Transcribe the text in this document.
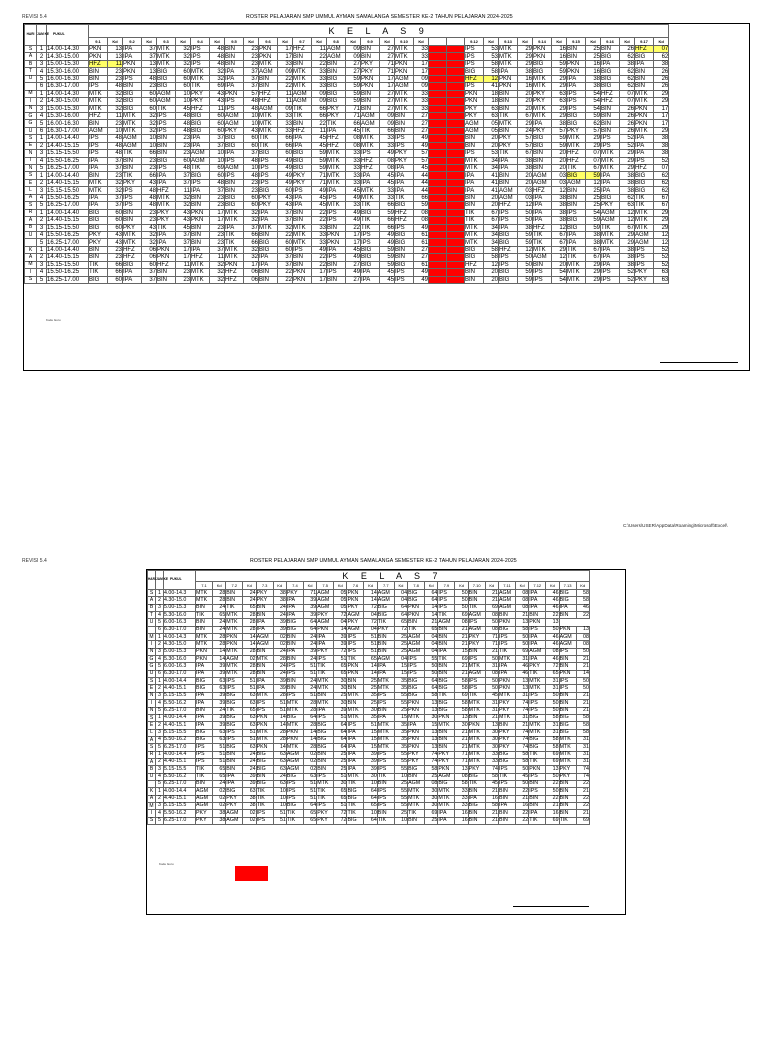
REVISI 5.4	ROSTER PELAJARAN SMP UMMUL AYMAN SAMALANGA SEMESTER KE-2 TAHUN PELAJARAN 2024-2025
HARI	JAM KE	PUKUL	K E L A S 9																																	
			9.1	Kd	9.2	Kd	9.3	Kd	9.4	Kd	9.5	Kd	9.6	Kd	9.7	Kd	9.8	Kd	9.9	Kd	9.10	Kd			9.12	Kd	9.13	Kd	9.14	Kd	9.15	Kd	9.16	Kd	9.17	Kd
S	1	14.00-14.30	PKN	13	IPA	37	MTK	32	IPS	48	BIN	23	PKN	17	HFZ	11	AGM	09	BIN	27	MTK	33			IPS	53	MTK	29	PKN	16	BIN	25	BIN	26	HFZ	07
A	2	14.30-15.00	PKN	13	IPA	37	MTK	32	IPS	48	BIN	23	PKN	17	BIN	22	AGM	09	BIN	27	MTK	33			IPS	53	MTK	29	PKN	16	BIN	25	BIG	62	BIG	62
B	3	15.00-15.30	HFZ	11	PKN	13	MTK	32	IPS	48	BIN	23	MTK	33	BIN	22	BIN	27	PKY	71	PKN	17			IPS	58	MTK	29	BIG	59	PKN	16	IPA	38	IPA	38
T	4	15.30-16.00	BIN	23	PKN	13	BIG	60	MTK	32	IPA	37	AGM	09	MTK	33	BIN	27	PKY	71	PKN	17			BIG	58	IPA	38	BIG	59	PKN	16	BIG	62	BIN	26
U	5	16.00-16.30	BIN	23	IPS	48	BIG	60	MTK	32	IPA	37	BIN	22	MTK	33	BIG	59	PKN	17	AGM	09			HFZ	12	PKN	16	MTK	29	IPA	38	BIG	62	BIN	26
	6	16.30-17.00	IPS	48	BIN	23	BIG	60	TIK	69	IPA	37	BIN	22	MTK	33	BIG	59	PKN	17	AGM	09			IPS	41	PKN	16	MTK	29	IPA	38	BIG	62	BIN	26
M	1	14.00-14.30	MTK	32	BIG	60	AGM	10	PKY	43	PKN	57	HFZ	11	AGM	09	BIG	59	BIN	27	MTK	33			PKN	18	BIN	20	PKY	63	IPS	54	HFZ	07	MTK	29
I	2	14.30-15.00	MTK	32	BIG	60	AGM	10	PKY	43	IPS	48	HFZ	11	AGM	09	BIG	59	BIN	27	MTK	33			PKN	18	BIN	20	PKY	63	IPS	54	HFZ	07	MTK	29
N	3	15.00-15.30	MTK	32	BIG	60	TIK	45	HFZ	11	IPS	48	AGM	09	TIK	66	PKY	71	BIN	27	MTK	33			PKY	63	BIN	20	MTK	29	IPS	54	BIN	26	PKN	17
G	4	15.30-16.00	HFZ	11	MTK	32	IPS	48	BIG	60	AGM	10	MTK	33	TIK	66	PKY	71	AGM	09	BIN	27			PKY	63	TIK	67	MTK	29	BIG	59	BIN	26	PKN	17
G	5	16.00-16.30	BIN	23	MTK	32	IPS	48	BIG	60	AGM	10	MTK	33	BIN	22	TIK	66	AGM	09	BIN	27			AGM	05	MTK	29	IPA	38	BIG	62	BIN	26	PKN	17
U	6	16.30-17.00	AGM	10	MTK	32	IPS	48	BIG	60	PKY	43	MTK	33	HFZ	11	IPA	45	TIK	66	BIN	27			AGM	05	BIN	24	PKY	57	PKY	57	BIN	26	MTK	29
S	1	14.00-14.40	IPS	48	AGM	10	BIN	23	IPA	37	BIG	60	TIK	66	IPA	45	HFZ	08	MTK	33	IPS	49			BIN	20	PKY	57	BIG	59	MTK	29	IPS	52	IPA	38
E	2	14.40-15.15	IPS	48	AGM	10	BIN	23	IPA	37	BIG	60	TIK	66	IPA	45	HFZ	08	MTK	33	IPS	49			BIN	20	PKY	57	BIG	59	MTK	29	IPS	52	IPA	38
N	3	15.15-15.50	IPS	48	TIK	66	BIN	23	AGM	10	IPA	37	BIG	60	BIG	59	MTK	33	IPS	49	PKY	57			IPS	53	TIK	67	BIN	20	HFZ	07	MTK	29	IPA	38
I	4	15.50-16.25	IPA	37	BIN	23	BIG	60	AGM	10	IPS	48	IPS	49	BIG	59	MTK	33	HFZ	08	PKY	57			MTK	34	IPA	38	BIN	20	HFZ	07	MTK	29	IPS	52
N	5	16.25-17.00	IPA	37	BIN	23	IPS	48	TIK	69	AGM	10	IPS	49	BIG	59	MTK	33	HFZ	08	IPA	45			MTK	34	IPA	38	BIN	20	TIK	67	MTK	29	HFZ	07
S	1	14.00-14.40	BIN	23	TIK	66	IPA	37	BIG	60	IPS	48	IPS	49	PKY	71	MTK	33	IPA	45	IPA	44			IPA	41	BIN	20	AGM	03	BIG	59	IPA	38	BIG	62
E	2	14.40-15.15	MTK	32	PKY	43	IPA	37	IPS	48	BIN	23	IPS	49	PKY	71	MTK	33	IPA	45	IPA	44			IPA	41	BIN	20	AGM	03	AGM	12	IPA	38	BIG	62
L	3	15.15-15.50	MTK	32	IPS	48	HFZ	11	IPA	37	BIN	23	BIG	60	IPS	49	IPA	45	MTK	33	IPA	44			IPA	41	AGM	03	HFZ	12	BIN	25	IPA	38	BIG	62
A	4	15.50-16.25	IPA	37	IPS	48	MTK	32	BIN	23	BIG	60	PKY	43	IPA	45	IPS	49	MTK	33	TIK	66			BIN	20	AGM	03	IPA	38	BIN	25	BIG	62	TIK	67
S	5	16.25-17.00	IPA	37	IPS	48	MTK	32	BIN	23	BIG	60	PKY	43	IPA	45	MTK	33	TIK	66	BIG	59			BIN	20	HFZ	12	IPA	38	BIN	25	PKY	63	TIK	67
R	1	14.00-14.40	BIG	60	BIN	23	PKY	43	PKN	17	MTK	32	IPA	37	BIN	22	IPS	49	BIG	59	HFZ	08			TIK	67	IPS	50	IPA	38	IPS	54	AGM	12	MTK	29
A	2	14.40-15.15	BIG	60	BIN	23	PKY	43	PKN	17	MTK	32	IPA	37	BIN	22	IPS	49	TIK	66	HFZ	08			TIK	67	IPS	50	IPA	38	BIG	59	AGM	12	MTK	29
B	3	15.15-15.50	BIG	60	PKY	43	TIK	45	BIN	23	IPA	37	MTK	32	MTK	33	BIN	22	TIK	66	IPS	49			MTK	34	IPA	38	HFZ	12	BIG	59	TIK	67	MTK	29
U	4	15.50-16.25	PKY	43	MTK	32	IPA	37	BIN	23	TIK	66	BIN	22	MTK	33	PKN	17	IPS	49	BIG	61			MTK	34	BIG	59	TIK	67	IPA	38	MTK	29	AGM	12
	5	16.25-17.00	PKY	43	MTK	32	IPA	37	BIN	23	TIK	66	BIG	60	MTK	33	PKN	17	IPS	49	BIG	61			MTK	34	BIG	59	TIK	67	IPA	38	MTK	29	AGM	12
K	1	14.00-14.40	BIN	23	HFZ	06	PKN	17	IPA	37	MTK	32	BIG	60	IPS	49	IPA	45	BIG	59	BIN	27			BIG	58	HFZ	12	MTK	29	TIK	67	IPA	38	IPS	52
A	2	14.40-15.15	BIN	23	HFZ	06	PKN	17	HFZ	11	MTK	32	IPA	37	BIN	22	IPS	49	BIG	59	BIN	27			BIG	58	IPS	50	AGM	12	TIK	67	IPA	38	IPS	52
M	3	15.15-15.50	TIK	66	BIG	60	HFZ	11	MTK	32	PKN	17	IPA	37	BIN	22	BIN	27	BIG	59	BIG	61			HFZ	12	IPS	50	BIN	20	MTK	29	IPA	38	IPS	52
I	4	15.50-16.25	TIK	66	IPA	37	BIN	23	MTK	32	HFZ	06	BIN	22	PKN	17	IPS	49	IPA	45	IPS	49			BIN	20	BIG	59	IPS	54	MTK	29	IPS	52	PKY	63
S	5	16.25-17.00	BIG	60	IPA	37	BIN	23	MTK	32	HFZ	06	BIN	22	PKN	17	BIN	27	IPA	45	IPS	49			BIN	20	BIG	59	IPS	54	MTK	29	IPS	52	PKY	63
Kode Guru
C:\Users\USER\AppData\Roaming\Microsoft\Excel\
REVISI 5.4	ROSTER PELAJARAN SMP UMMUL AYMAN SAMALANGA SEMESTER KE-2 TAHUN PELAJARAN 2024-2025
HARI	JAM KE	PUKUL	K E L A S 7																									
			7.1	Kd	7.2	Kd	7.3	Kd	7.4	Kd	7.5	Kd	7.6	Kd	7.7	Kd	7.8	Kd	7.9	Kd	7.10	Kd	7.11	Kd	7.12	Kd	7.13	Kd
S	1	4.00-14.3	MTK	28	BIN	24	PKY	38	PKY	71	AGM	05	PKN	14	AGM	04	BIG	64	IPS	50	BIN	21	AGM	08	IPA	46	BIG	58
A	2	4.30-15.0	MTK	28	BIN	24	PKY	38	IPA	39	AGM	05	PKN	14	AGM	04	BIG	64	IPS	50	BIN	21	AGM	08	IPA	46	BIG	58
B	3	5.00-15.3	BIN	24	TIK	65	BIN	24	IPA	39	AGM	05	PKY	72	BIG	64	PKN	14	IPS	50	TIK	69	AGM	08	IPA	46	IPA	46
T	4	5.30-16.0	TIK	65	MTK	28	BIN	24	IPA	39	PKY	72	AGM	04	BIG	64	PKN	14	TIK	69	AGM	08	BIN	21	BIN	22	BIN	22
U	5	6.00-16.3	BIN	24	MTK	28	IPA	39	BIG	64	AGM	04	PKY	72	TIK	65	BIN	21	AGM	08	IPS	50	PKN	13	PKN	13		
	6	6.30-17.0	BIN	24	MTK	28	IPA	39	BIG	64	PKN	14	AGM	04	PKY	72	TIK	65	BIN	21	AGM	08	BIG	58	IPS	50	PKN	13
M	1	4.00-14.3	MTK	28	PKN	14	AGM	02	BIN	24	IPA	39	IPS	51	BIN	25	AGM	04	BIN	21	PKY	71	IPS	50	IPA	46	AGM	08
I	2	4.30-15.0	MTK	28	PKN	14	AGM	02	BIN	24	IPA	39	IPS	51	BIN	25	AGM	04	BIN	21	PKY	71	IPS	50	IPA	46	AGM	08
N	3	5.00-15.3	PKN	14	MTK	28	BIN	24	IPA	39	PKY	72	IPS	51	BIN	25	AGM	04	IPA	15	BIN	21	TIK	69	AGM	08	IPS	50
G	4	5.30-16.0	PKN	14	AGM	02	MTK	28	BIN	24	IPS	51	TIK	65	AGM	04	IPS	55	TIK	69	IPS	50	MTK	31	IPA	46	BIN	21
G	5	6.00-16.3	IPA	39	MTK	28	BIN	24	IPS	51	TIK	65	PKN	14	IPA	15	IPS	50	BIN	21	MTK	31	IPA	46	PKY	72	BIN	21
U	6	6.30-17.0	IPA	39	MTK	28	BIN	24	IPS	51	TIK	65	PKN	14	IPA	15	IPS	50	BIN	21	AGM	08	IPA	46	TIK	65	PKN	14
S	1	4.00-14.4	BIG	63	IPS	51	IPA	39	BIN	24	MTK	30	BIN	25	MTK	35	BIG	64	BIG	58	IPS	50	PKN	13	MTK	31	IPS	50
E	2	4.40-15.1	BIG	63	IPS	51	IPA	39	BIN	24	MTK	30	BIN	25	MTK	35	BIG	64	BIG	58	IPS	50	PKN	13	MTK	31	IPS	50
N	3	5.15-15.5	IPA	39	BIG	63	MTK	28	IPS	51	BIN	25	MTK	35	IPS	55	BIG	58	TIK	69	TIK	45	MTK	31	IPS	50	BIN	21
I	4	5.50-16.2	IPA	39	BIG	63	IPS	51	MTK	28	MTK	30	BIN	25	IPS	55	PKN	13	BIG	58	MTK	31	PKY	74	IPS	50	BIN	21
N	5	6.25-17.0	BIN	24	TIK	65	IPS	51	MTK	28	IPA	39	MTK	30	BIN	25	PKN	13	BIG	58	MTK	31	PKY	74	IPS	50	BIN	21
S	1	4.00-14.4	IPA	39	BIG	63	PKN	14	BIG	64	IPS	51	MTK	35	IPA	15	MTK	30	PKN	13	BIN	21	MTK	31	BIG	58	BIG	58
E	2	4.40-15.1	IPA	39	BIG	63	PKN	14	MTK	28	BIG	64	IPS	51	MTK	35	IPA	15	MTK	30	PKN	13	BIN	21	MTK	31	BIG	58
L	3	5.15-15.5	BIG	63	IPS	51	MTK	28	PKN	14	BIG	64	IPA	15	MTK	35	PKN	13	BIN	21	MTK	30	PKY	74	MTK	31	BIG	58
A	4	5.50-16.2	BIG	63	IPS	51	MTK	28	PKN	14	BIG	64	IPA	15	MTK	35	PKN	13	BIN	21	MTK	30	PKY	74	BIG	58	MTK	31
S	5	6.25-17.0	IPS	51	BIG	63	PKN	14	MTK	28	BIG	64	IPA	15	MTK	35	PKN	13	BIN	21	MTK	30	PKY	74	BIG	58	MTK	31
R	1	4.00-14.4	IPS	51	BIN	24	BIG	63	AGM	02	BIN	25	IPA	39	IPS	55	PKY	74	PKY	71	MTK	33	BIG	58	TIK	69	MTK	31
A	2	4.40-15.1	IPS	51	BIN	24	BIG	63	AGM	02	BIN	25	IPA	39	IPS	55	PKY	74	PKY	71	MTK	33	BIG	58	TIK	69	MTK	31
B	3	5.15-15.5	TIK	65	BIN	24	BIG	63	AGM	02	BIN	25	IPA	39	IPS	55	BIG	58	PKN	13	PKY	74	IPS	50	PKN	13	PKY	74
U	4	5.50-16.2	TIK	65	IPA	39	BIN	24	BIG	63	IPS	51	MTK	30	TIK	10	BIN	25	AGM	08	BIG	58	TIK	45	IPS	50	PKY	74
	5	6.25-17.0	BIN	24	IPA	39	BIG	63	IPS	51	MTK	30	TIK	10	BIN	25	AGM	08	BIG	58	TIK	45	IPS	50	BIN	22	BIN	22
K	1	4.00-14.4	AGM	02	BIG	63	TIK	10	IPS	51	TIK	65	BIG	64	IPS	55	MTK	30	MTK	33	BIN	21	BIN	22	IPS	50	BIN	21
A	2	4.40-15.1	AGM	02	PKY	38	TIK	10	IPS	51	TIK	65	BIG	64	IPS	55	MTK	30	MTK	33	IPA	16	BIN	21	BIN	22	BIN	22
M	3	5.15-15.5	AGM	02	PKY	38	TIK	10	BIG	64	IPS	51	TIK	65	IPS	55	MTK	30	MTK	33	BIG	58	IPA	16	BIN	21	BIN	22
I	4	5.50-16.2	PKY	38	AGM	02	IPS	51	TIK	65	PKY	72	TIK	10	BIN	25	TIK	69	IPA	16	BIN	21	BIN	22	IPA	16	BIN	21
S	5	6.25-17.0	PKY	38	AGM	02	IPS	51	TIK	65	PKY	72	BIG	64	TIK	10	BIN	25	IPA	16	BIN	21	BIN	22	TIK	69	TIK	69
Kode Guru
